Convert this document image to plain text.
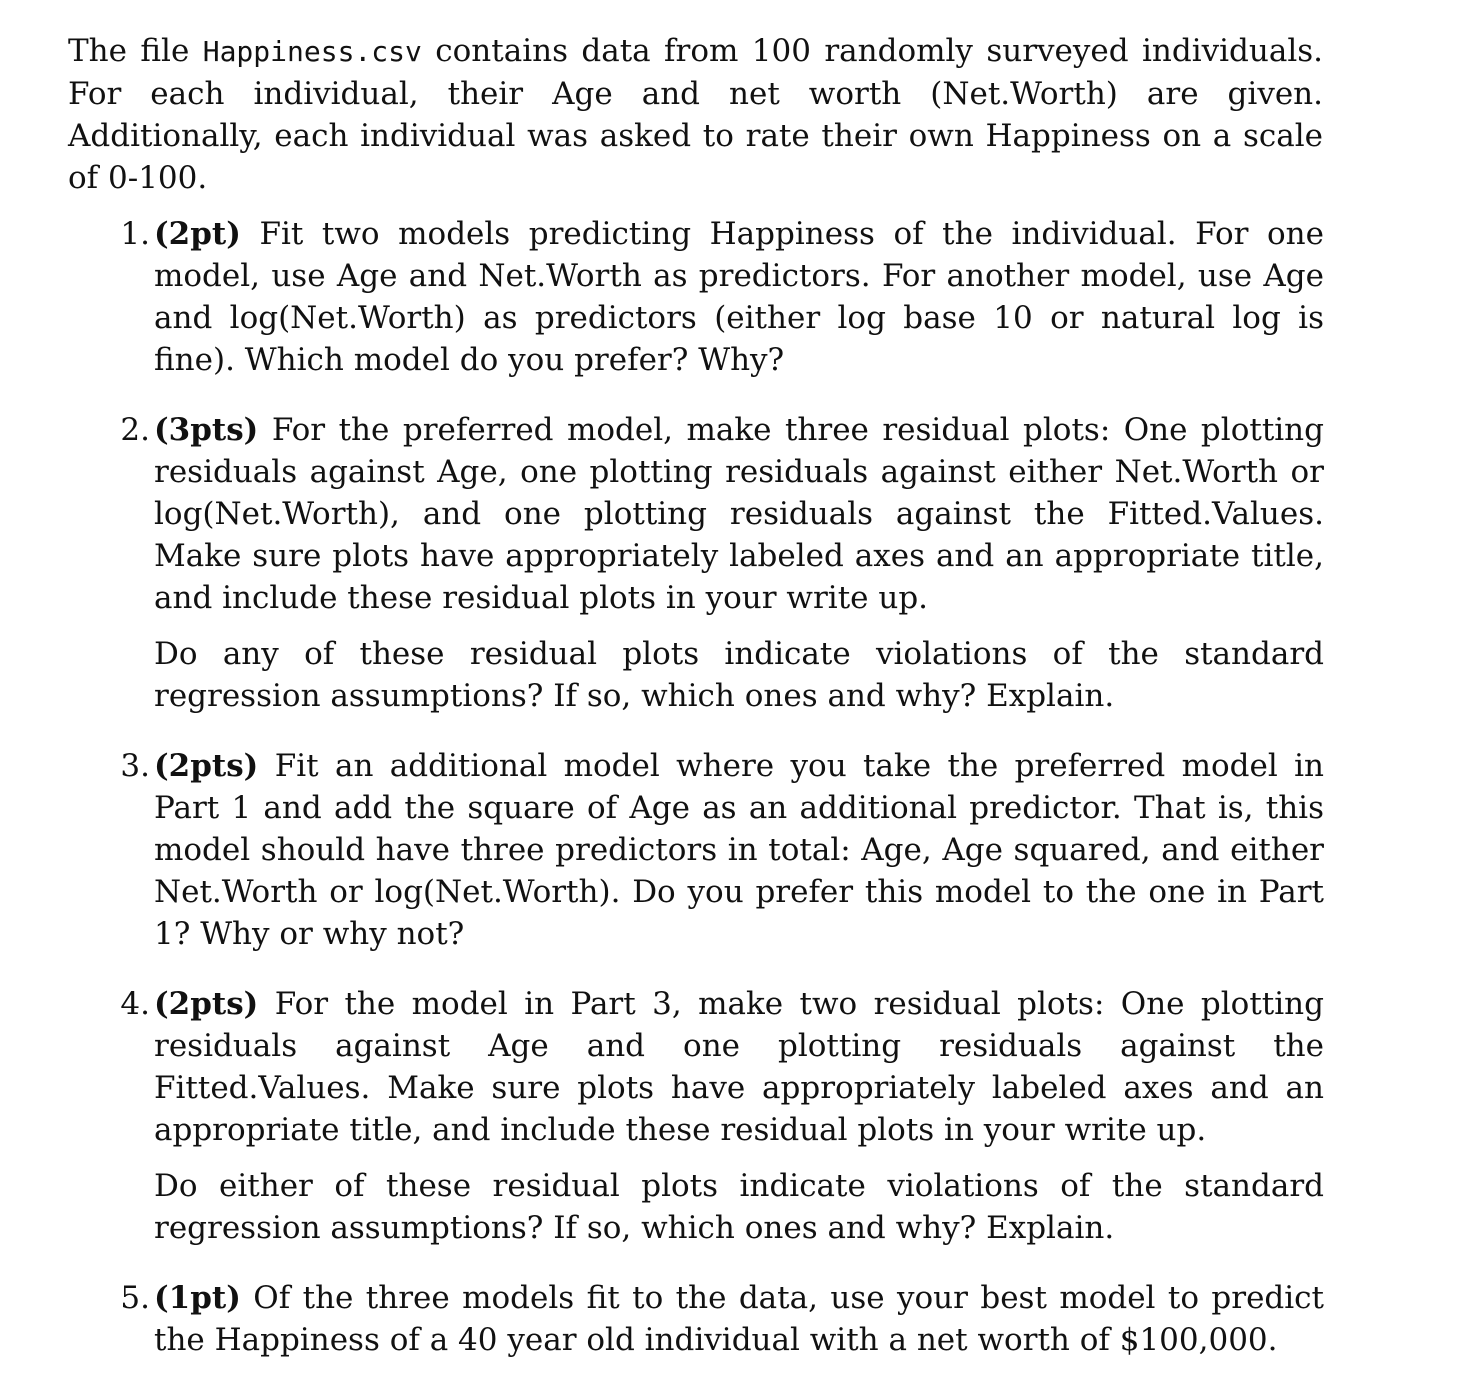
The file Happiness.csv contains data from 100 randomly surveyed individuals. For each individual, their Age and net worth (Net.Worth) are given. Additionally, each individual was asked to rate their own Happiness on a scale of 0-100.

1. (2pt) Fit two models predicting Happiness of the individual. For one model, use Age and Net.Worth as predictors. For another model, use Age and log(Net.Worth) as predictors (either log base 10 or natural log is fine). Which model do you prefer? Why?

2. (3pts) For the preferred model, make three residual plots: One plotting residuals against Age, one plotting residuals against either Net.Worth or log(Net.Worth), and one plotting residuals against the Fitted.Values. Make sure plots have appropriately labeled axes and an appropriate title, and include these residual plots in your write up.

Do any of these residual plots indicate violations of the standard regression assumptions? If so, which ones and why? Explain.

3. (2pts) Fit an additional model where you take the preferred model in Part 1 and add the square of Age as an additional predictor. That is, this model should have three predictors in total: Age, Age squared, and either Net.Worth or log(Net.Worth). Do you prefer this model to the one in Part 1? Why or why not?

4. (2pts) For the model in Part 3, make two residual plots: One plotting residuals against Age and one plotting residuals against the Fitted.Values. Make sure plots have appropriately labeled axes and an appropriate title, and include these residual plots in your write up.

Do either of these residual plots indicate violations of the standard regression assumptions? If so, which ones and why? Explain.

5. (1pt) Of the three models fit to the data, use your best model to predict the Happiness of a 40 year old individual with a net worth of $100,000.
